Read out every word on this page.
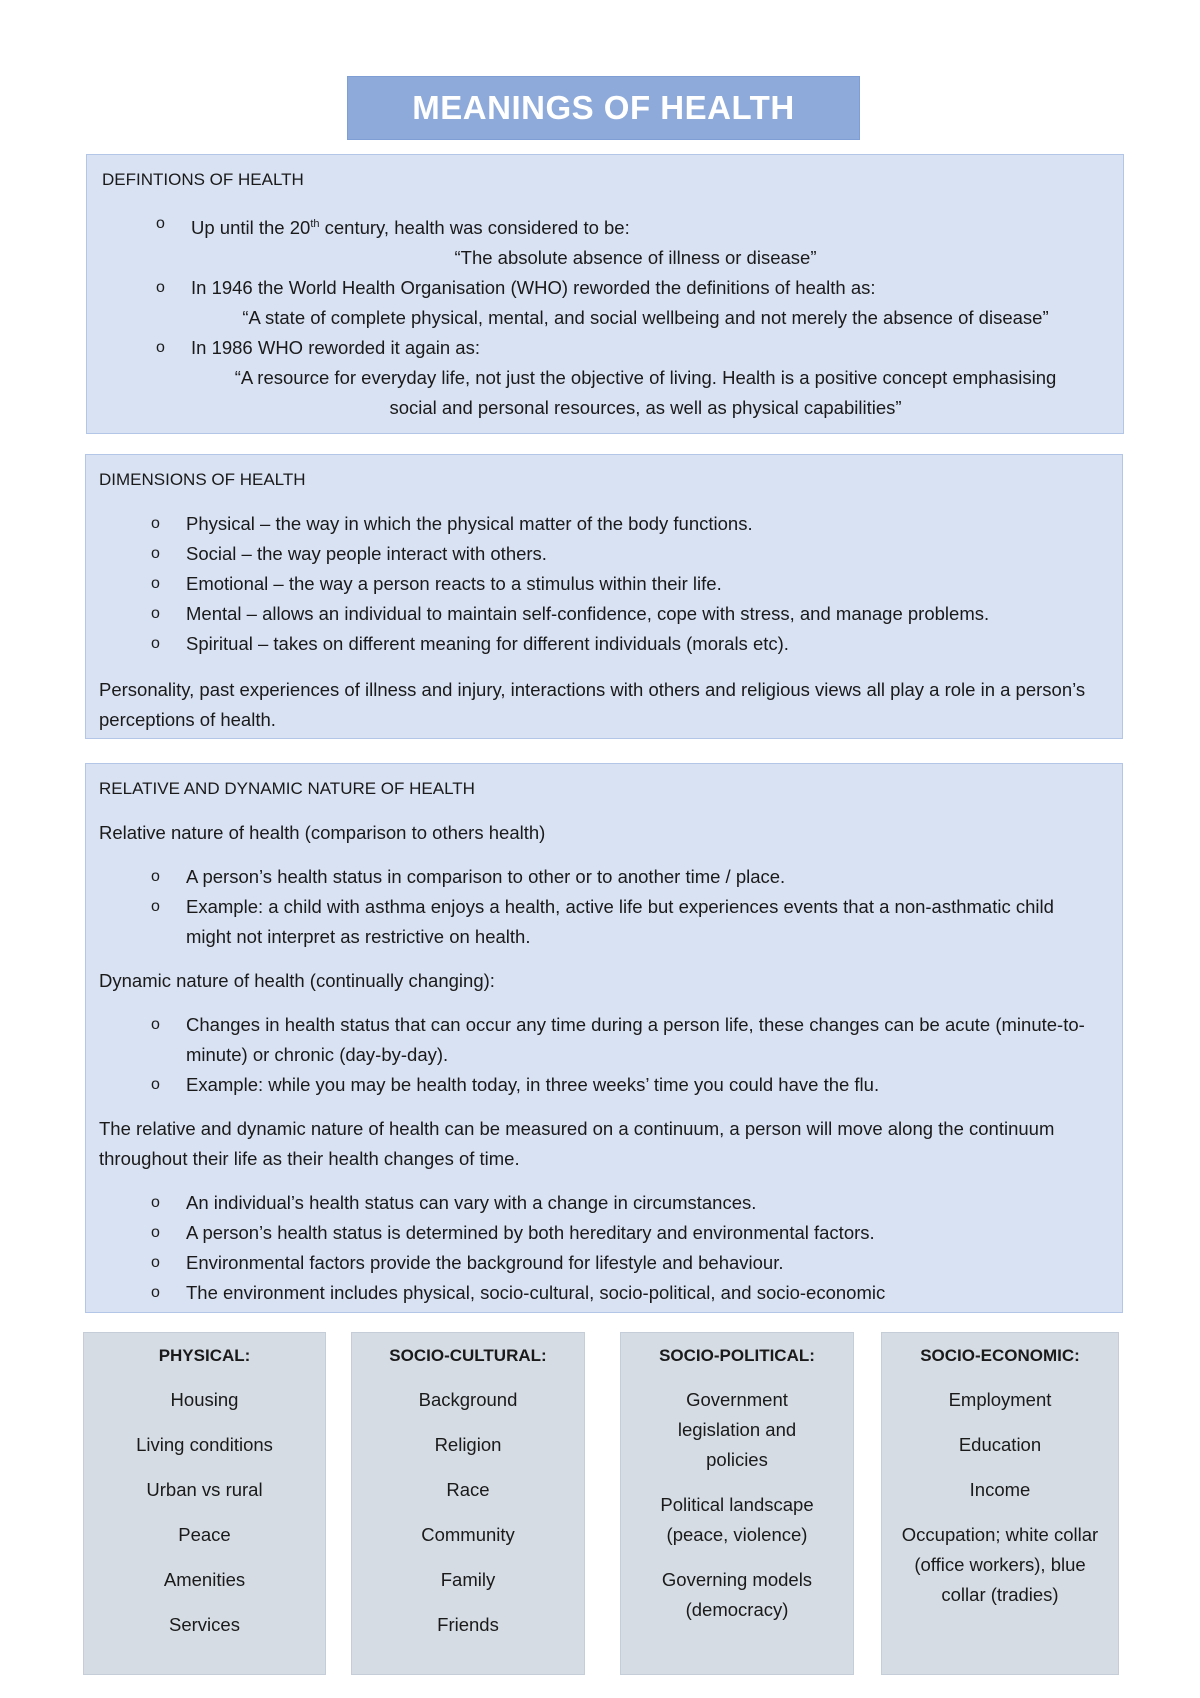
MEANINGS OF HEALTH
DEFINTIONS OF HEALTH
o Up until the 20th century, health was considered to be:
“The absolute absence of illness or disease”
o In 1946 the World Health Organisation (WHO) reworded the definitions of health as:
“A state of complete physical, mental, and social wellbeing and not merely the absence of disease”
o In 1986 WHO reworded it again as:
“A resource for everyday life, not just the objective of living. Health is a positive concept emphasising
social and personal resources, as well as physical capabilities”
DIMENSIONS OF HEALTH
o Physical – the way in which the physical matter of the body functions.
o Social – the way people interact with others.
o Emotional – the way a person reacts to a stimulus within their life.
o Mental – allows an individual to maintain self-confidence, cope with stress, and manage problems.
o Spiritual – takes on different meaning for different individuals (morals etc).

Personality, past experiences of illness and injury, interactions with others and religious views all play a role in a person’s perceptions of health.

RELATIVE AND DYNAMIC NATURE OF HEALTH

Relative nature of health (comparison to others health)

o A person’s health status in comparison to other or to another time / place.
o Example: a child with asthma enjoys a health, active life but experiences events that a non-asthmatic child might not interpret as restrictive on health.

Dynamic nature of health (continually changing):

o Changes in health status that can occur any time during a person life, these changes can be acute (minute-to-minute) or chronic (day-by-day).
o Example: while you may be health today, in three weeks’ time you could have the flu.

The relative and dynamic nature of health can be measured on a continuum, a person will move along the continuum throughout their life as their health changes of time.

o An individual’s health status can vary with a change in circumstances.
o A person’s health status is determined by both hereditary and environmental factors.
o Environmental factors provide the background for lifestyle and behaviour.
o The environment includes physical, socio-cultural, socio-political, and socio-economic
PHYSICAL:
Housing
Living conditions
Urban vs rural
Peace
Amenities
Services
SOCIO-CULTURAL:
Background
Religion
Race
Community
Family
Friends
SOCIO-POLITICAL:
Government legislation and policies
Political landscape (peace, violence)
Governing models (democracy)
SOCIO-ECONOMIC:
Employment
Education
Income
Occupation; white collar (office workers), blue collar (tradies)
